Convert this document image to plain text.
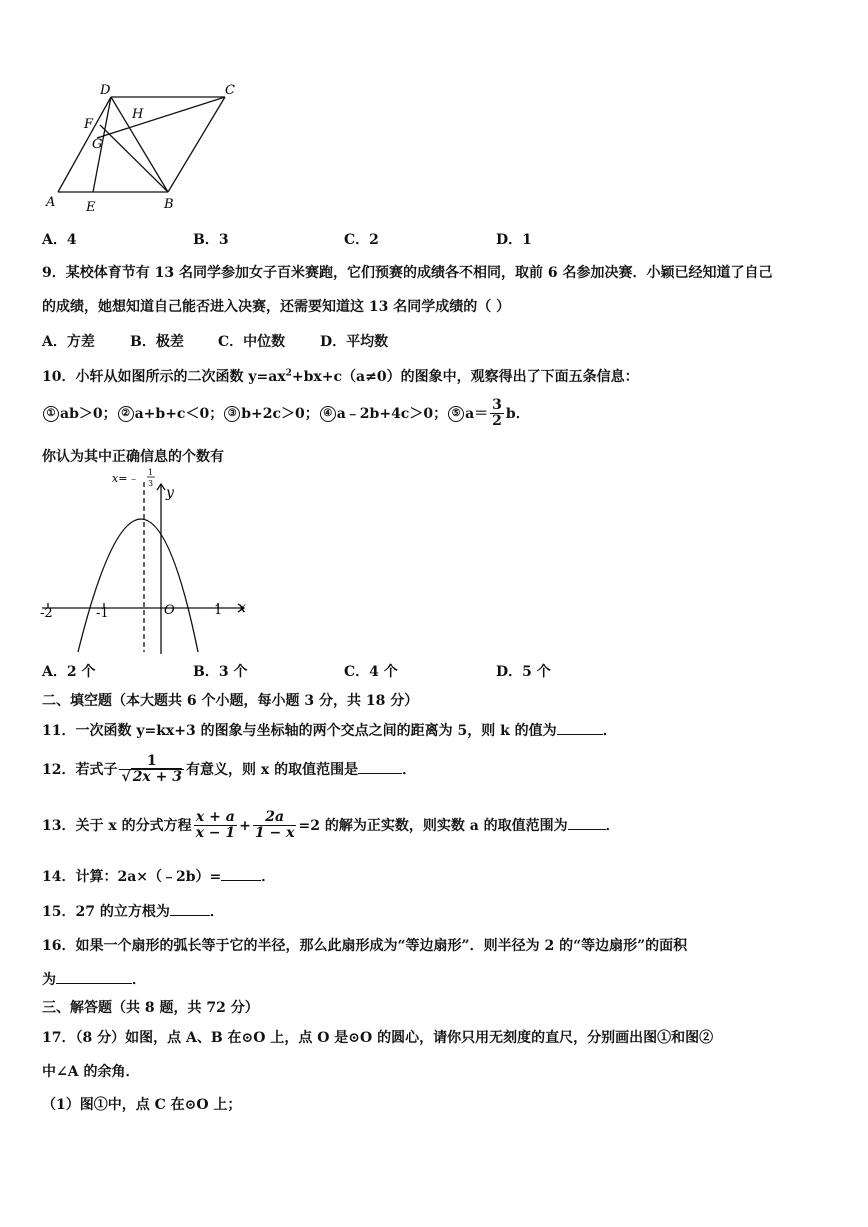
D	C
H
F
G
A E	B
A．4	B．3	C．2	D．1
9．某校体育节有 13 名同学参加女子百米赛跑，它们预赛的成绩各不相同，取前 6 名参加决赛．小颖已经知道了自己
的成绩，她想知道自己能否进入决赛，还需要知道这 13 名同学成绩的（ ）
A．方差	B．极差 C．中位数 D．平均数
10．小轩从如图所示的二次函数 $y=ax^2+bx+c(a\ne 0)$的图象中，观察得出了下面五条信息：
① ab＞0； ② a+b+c＜0； ③ b+2c＞0； ④ a﹣2b+4c＞0； ⑤ $a= \frac{3}{2}$ b．
你认为其中正确信息的个数有
x=﹣ 1
3
y
x
O
-2	-1	1
A．2 个	B．3 个	C．4 个	D．5 个
二、填空题（本大题共 6 个小题，每小题 3 分，共 18 分）
11．一次函数 y=kx+3 的图象与坐标轴的两个交点之间的距离为 5，则 k 的值为	．
12．若式子 $\frac{1}{√ 2x + 3}$ 有意义，则 x 的取值范围是	．
13．关于 x 的分式方程 $\frac{x + a}{x - 1} + \frac{2a}{1 - x} =2$ 的解为正实数，则实数 a 的取值范围为	．
14．计算：2a×（﹣2b）=	．
15．27 的立方根为	．
16．如果一个扇形的弧长等于它的半径，那么此扇形成为“等边扇形”．则半径为 2 的“等边扇形”的面积
为	．
三、解答题（共 8 题，共 72 分）
17．（8 分）如图，点 A、B 在⊙O 上，点 O 是⊙O 的圆心，请你只用无刻度的直尺，分别画出图①和图②
中∠A 的余角．
（1）图①中，点 C 在⊙O 上；
